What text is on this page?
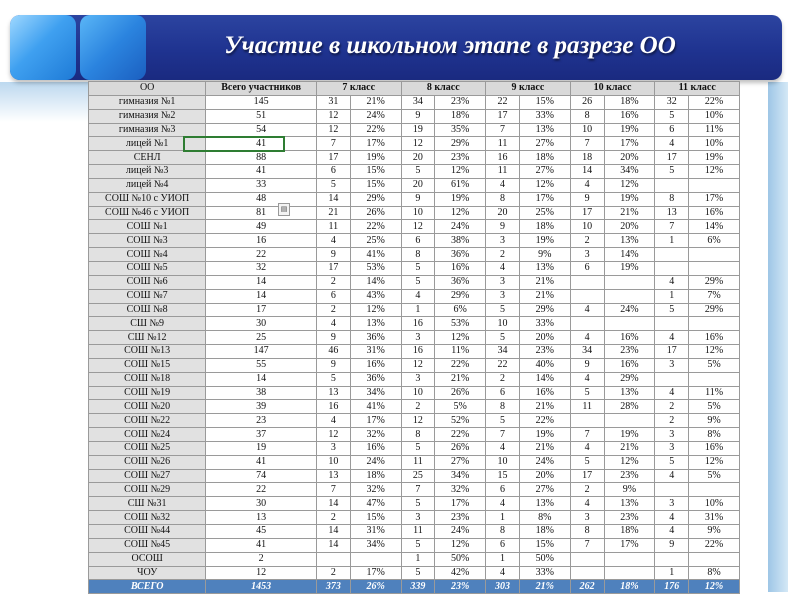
Участие в школьном этапе в разрезе ОО
▤
ОО	Всего участников	7 класс		8 класс		9 класс		10 класс		11 класс	
гимназия №1	145	31	21%	34	23%	22	15%	26	18%	32	22%
гимназия №2	51	12	24%	9	18%	17	33%	8	16%	5	10%
гимназия №3	54	12	22%	19	35%	7	13%	10	19%	6	11%
лицей №1	41	7	17%	12	29%	11	27%	7	17%	4	10%
СЕНЛ	88	17	19%	20	23%	16	18%	18	20%	17	19%
лицей №3	41	6	15%	5	12%	11	27%	14	34%	5	12%
лицей №4	33	5	15%	20	61%	4	12%	4	12%		
СОШ №10 с УИОП	48	14	29%	9	19%	8	17%	9	19%	8	17%
СОШ №46 с УИОП	81	21	26%	10	12%	20	25%	17	21%	13	16%
СОШ №1	49	11	22%	12	24%	9	18%	10	20%	7	14%
СОШ №3	16	4	25%	6	38%	3	19%	2	13%	1	6%
СОШ №4	22	9	41%	8	36%	2	9%	3	14%		
СОШ №5	32	17	53%	5	16%	4	13%	6	19%		
СОШ №6	14	2	14%	5	36%	3	21%			4	29%
СОШ №7	14	6	43%	4	29%	3	21%			1	7%
СОШ №8	17	2	12%	1	6%	5	29%	4	24%	5	29%
СШ №9	30	4	13%	16	53%	10	33%				
СШ №12	25	9	36%	3	12%	5	20%	4	16%	4	16%
СОШ №13	147	46	31%	16	11%	34	23%	34	23%	17	12%
СОШ №15	55	9	16%	12	22%	22	40%	9	16%	3	5%
СОШ №18	14	5	36%	3	21%	2	14%	4	29%		
СОШ №19	38	13	34%	10	26%	6	16%	5	13%	4	11%
СОШ №20	39	16	41%	2	5%	8	21%	11	28%	2	5%
СОШ №22	23	4	17%	12	52%	5	22%			2	9%
СОШ №24	37	12	32%	8	22%	7	19%	7	19%	3	8%
СОШ №25	19	3	16%	5	26%	4	21%	4	21%	3	16%
СОШ №26	41	10	24%	11	27%	10	24%	5	12%	5	12%
СОШ №27	74	13	18%	25	34%	15	20%	17	23%	4	5%
СОШ №29	22	7	32%	7	32%	6	27%	2	9%		
СШ №31	30	14	47%	5	17%	4	13%	4	13%	3	10%
СОШ №32	13	2	15%	3	23%	1	8%	3	23%	4	31%
СОШ №44	45	14	31%	11	24%	8	18%	8	18%	4	9%
СОШ №45	41	14	34%	5	12%	6	15%	7	17%	9	22%
ОСОШ	2			1	50%	1	50%				
ЧОУ	12	2	17%	5	42%	4	33%			1	8%
ВСЕГО	1453	373	26%	339	23%	303	21%	262	18%	176	12%
